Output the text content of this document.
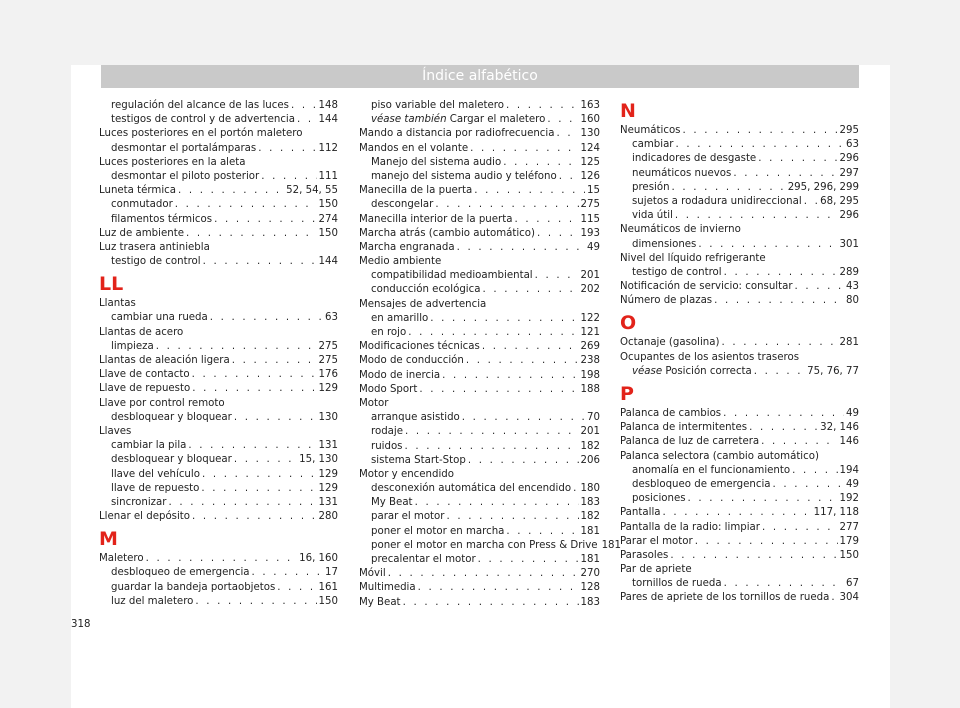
Índice alfabético
regulación del alcance de las luces . . .	148
testigos de control y de advertencia . . . 144
Luces posteriores en el portón maletero
desmontar el portalámparas . . .	112
Luces posteriores en la aleta
desmontar el piloto posterior . . .	111
Luneta térmica . . .	52, 54, 55
conmutador . . .	150
filamentos térmicos . . .	274
Luz de ambiente . . .	150
Luz trasera antiniebla
testigo de control . . .	144
LL
Llantas
cambiar una rueda . . .	63
Llantas de acero
limpieza . . .	275
Llantas de aleación ligera . . .	275
Llave de contacto . . .	176
Llave de repuesto . . .	129
Llave por control remoto
desbloquear y bloquear . . .	130
Llaves
cambiar la pila . . .	131
desbloquear y bloquear . . .	15, 130
llave del vehículo . . .	129
llave de repuesto . . .	129
sincronizar . . .	131
Llenar el depósito . . .	280
M
Maletero . . .	16, 160
desbloqueo de emergencia . . .	17
guardar la bandeja portaobjetos . . .	161
luz del maletero . . .	150
piso variable del maletero . . .	163
véase también Cargar el maletero . . .	160
Mando a distancia por radiofrecuencia . . .	130
Mandos en el volante . . .	124
Manejo del sistema audio . . .	125
manejo del sistema audio y teléfono . . . 126
Manecilla de la puerta . . .	15
descongelar . . .	275
Manecilla interior de la puerta . . .	115
Marcha atrás (cambio automático) . . .	193
Marcha engranada . . .	49
Medio ambiente
compatibilidad medioambiental . . .	201
conducción ecológica . . .	202
Mensajes de advertencia
en amarillo . . .	122
en rojo . . .	121
Modificaciones técnicas . . .	269
Modo de conducción . . .	238
Modo de inercia . . .	198
Modo Sport . . .	188
Motor
arranque asistido . . .	70
rodaje . . .	201
ruidos . . .	182
sistema Start-Stop . . .	206
Motor y encendido
desconexión automática del encendido . . . 180
My Beat . . .	183
parar el motor . . .	182
poner el motor en marcha . . .	181
poner el motor en marcha con Press & Drive 181
precalentar el motor . . .	181
Móvil . . .	270
Multimedia . . .	128
My Beat . . .	183
N
Neumáticos . . .	295
cambiar . . .	63
indicadores de desgaste . . .	296
neumáticos nuevos . . .	297
presión . . .	295, 296, 299
sujetos a rodadura unidireccional . . . 68, 295
vida útil . . .	296
Neumáticos de invierno
dimensiones . . .	301
Nivel del líquido refrigerante
testigo de control . . .	289
Notificación de servicio: consultar . . .	43
Número de plazas . . .	80
O
Octanaje (gasolina) . . .	281
Ocupantes de los asientos traseros
véase Posición correcta . . .	75, 76, 77
P
Palanca de cambios . . .	49
Palanca de intermitentes . . .	32, 146
Palanca de luz de carretera . . .	146
Palanca selectora (cambio automático)
anomalía en el funcionamiento . . .	194
desbloqueo de emergencia . . .	49
posiciones . . .	192
Pantalla . . .	117, 118
Pantalla de la radio: limpiar . . .	277
Parar el motor . . .	179
Parasoles . . .	150
Par de apriete
tornillos de rueda . . .	67
Pares de apriete de los tornillos de rueda . . . 304
318
